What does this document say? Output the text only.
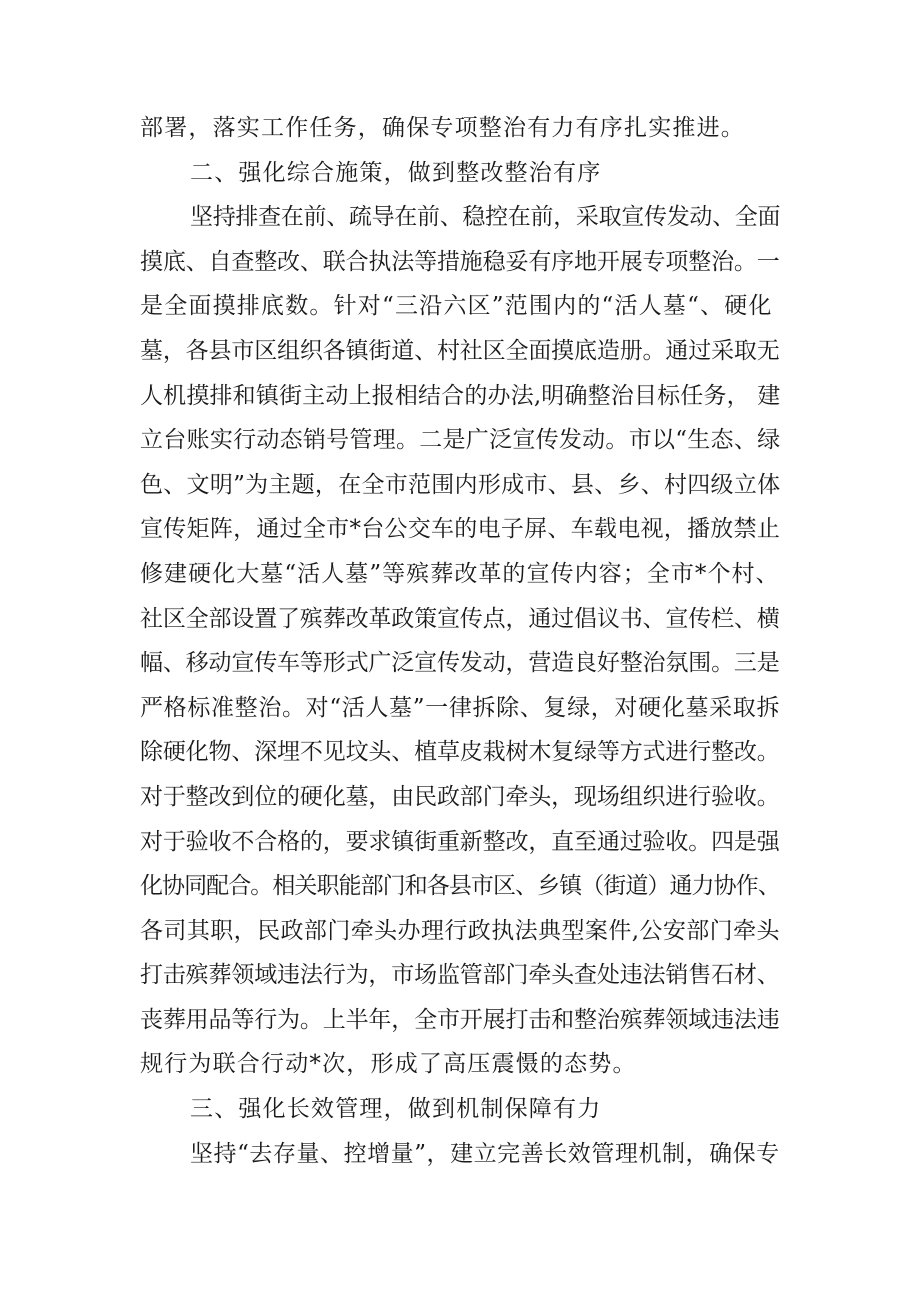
部署，落实工作任务，确保专项整治有力有序扎实推进。
二、强化综合施策，做到整改整治有序
坚持排查在前、疏导在前、稳控在前，采取宣传发动、全面
摸底、自查整改、联合执法等措施稳妥有序地开展专项整治。一
是全面摸排底数。针对“三沿六区”范围内的“活人墓“、硬化
墓，各县市区组织各镇街道、村社区全面摸底造册。通过采取无
人机摸排和镇街主动上报相结合的办法,明确整治目标任务， 建
立台账实行动态销号管理。二是广泛宣传发动。市以“生态、绿
色、文明”为主题，在全市范围内形成市、县、乡、村四级立体
宣传矩阵，通过全市*台公交车的电子屏、车载电视，播放禁止
修建硬化大墓“活人墓”等殡葬改革的宣传内容；全市*个村、
社区全部设置了殡葬改革政策宣传点，通过倡议书、宣传栏、横
幅、移动宣传车等形式广泛宣传发动，营造良好整治氛围。三是
严格标准整治。对“活人墓”一律拆除、复绿，对硬化墓采取拆
除硬化物、深埋不见坟头、植草皮栽树木复绿等方式进行整改。
对于整改到位的硬化墓，由民政部门牵头，现场组织进行验收。
对于验收不合格的，要求镇街重新整改，直至通过验收。四是强
化协同配合。相关职能部门和各县市区、乡镇（街道）通力协作、
各司其职，民政部门牵头办理行政执法典型案件,公安部门牵头
打击殡葬领域违法行为，市场监管部门牵头查处违法销售石材、
丧葬用品等行为。上半年，全市开展打击和整治殡葬领域违法违
规行为联合行动*次，形成了高压震慑的态势。
三、强化长效管理，做到机制保障有力
坚持“去存量、控增量”，建立完善长效管理机制，确保专
